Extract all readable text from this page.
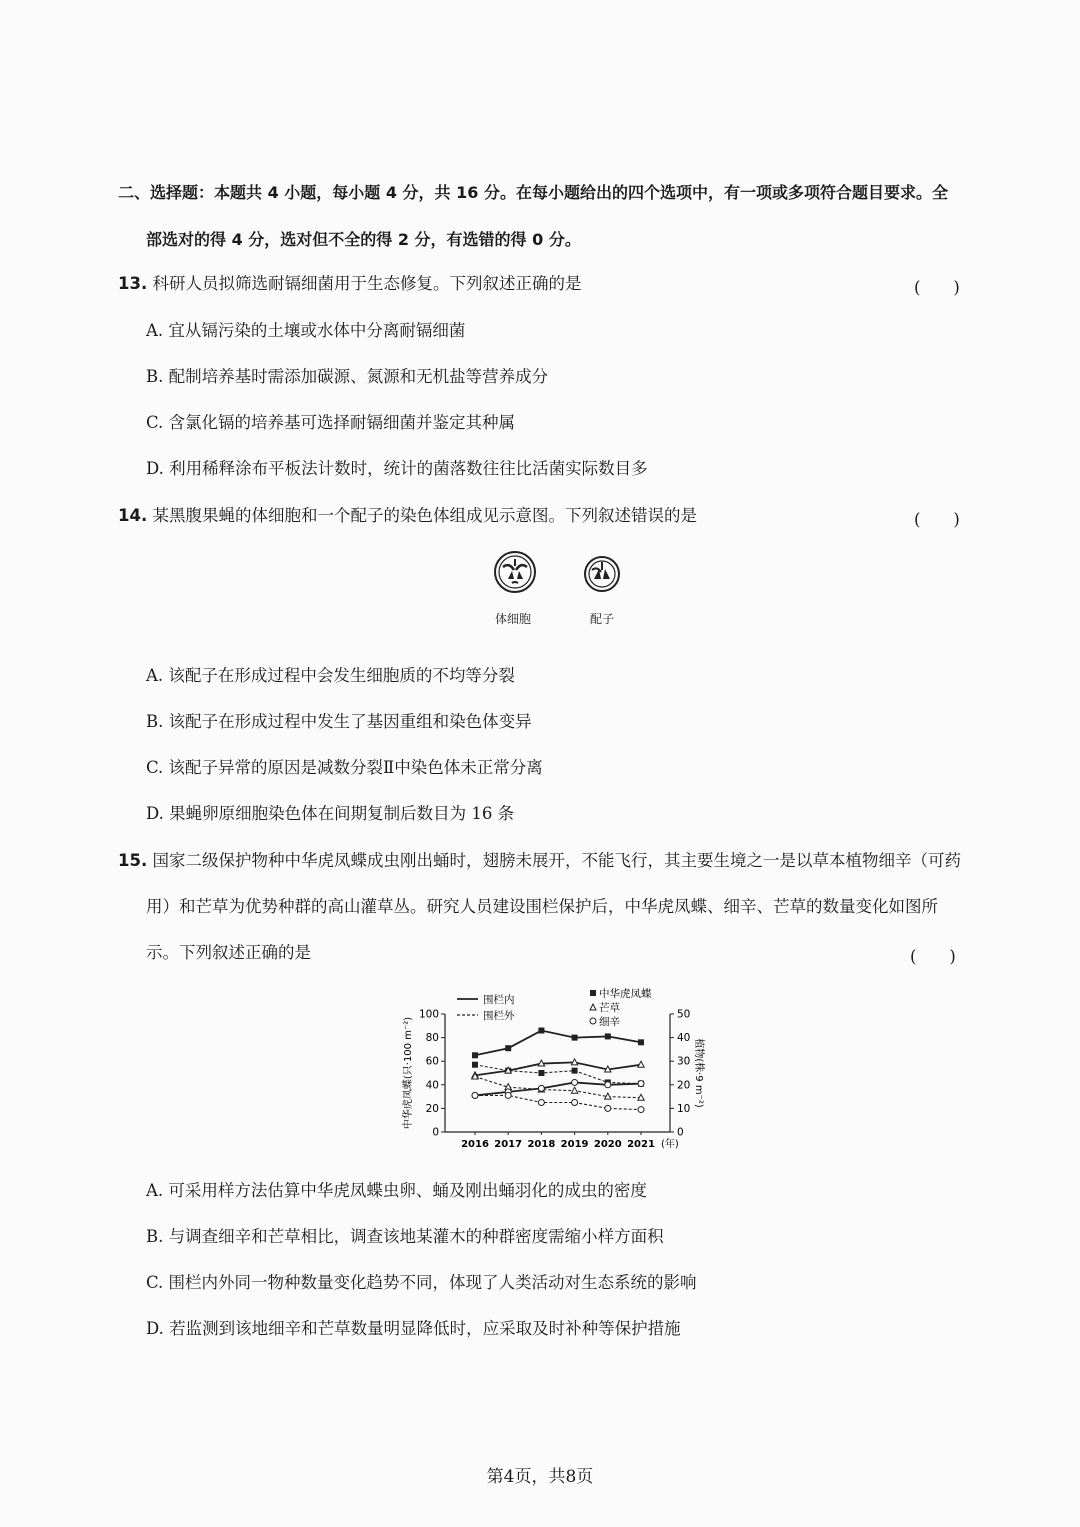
二、选择题：本题共 4 小题，每小题 4 分，共 16 分。在每小题给出的四个选项中，有一项或多项符合题目要求。全
部选对的得 4 分，选对但不全的得 2 分，有选错的得 0 分。
13. 科研人员拟筛选耐镉细菌用于生态修复。下列叙述正确的是	(　　)
A. 宜从镉污染的土壤或水体中分离耐镉细菌
B. 配制培养基时需添加碳源、氮源和无机盐等营养成分
C. 含氯化镉的培养基可选择耐镉细菌并鉴定其种属
D. 利用稀释涂布平板法计数时，统计的菌落数往往比活菌实际数目多
14. 某黑腹果蝇的体细胞和一个配子的染色体组成见示意图。下列叙述错误的是	(　　)
体细胞	配子
A. 该配子在形成过程中会发生细胞质的不均等分裂
B. 该配子在形成过程中发生了基因重组和染色体变异
C. 该配子异常的原因是减数分裂Ⅱ中染色体未正常分离
D. 果蝇卵原细胞染色体在间期复制后数目为 16 条
15. 国家二级保护物种中华虎凤蝶成虫刚出蛹时，翅膀未展开，不能飞行，其主要生境之一是以草本植物细辛（可药
用）和芒草为优势种群的高山灌草丛。研究人员建设围栏保护后，中华虎凤蝶、细辛、芒草的数量变化如图所
示。下列叙述正确的是	(　　)
0
20
40
60
80
100
0
10
20
30
40
50
2016 2017 2018 2019 2020 2021 (年)
中华虎凤蝶(只·100 m⁻²)	植物(株·9 m⁻²)
围栏内
围栏外
中华虎凤蝶
芒草
细辛
A. 可采用样方法估算中华虎凤蝶虫卵、蛹及刚出蛹羽化的成虫的密度
B. 与调查细辛和芒草相比，调查该地某灌木的种群密度需缩小样方面积
C. 围栏内外同一物种数量变化趋势不同，体现了人类活动对生态系统的影响
D. 若监测到该地细辛和芒草数量明显降低时，应采取及时补种等保护措施
第4页，共8页
